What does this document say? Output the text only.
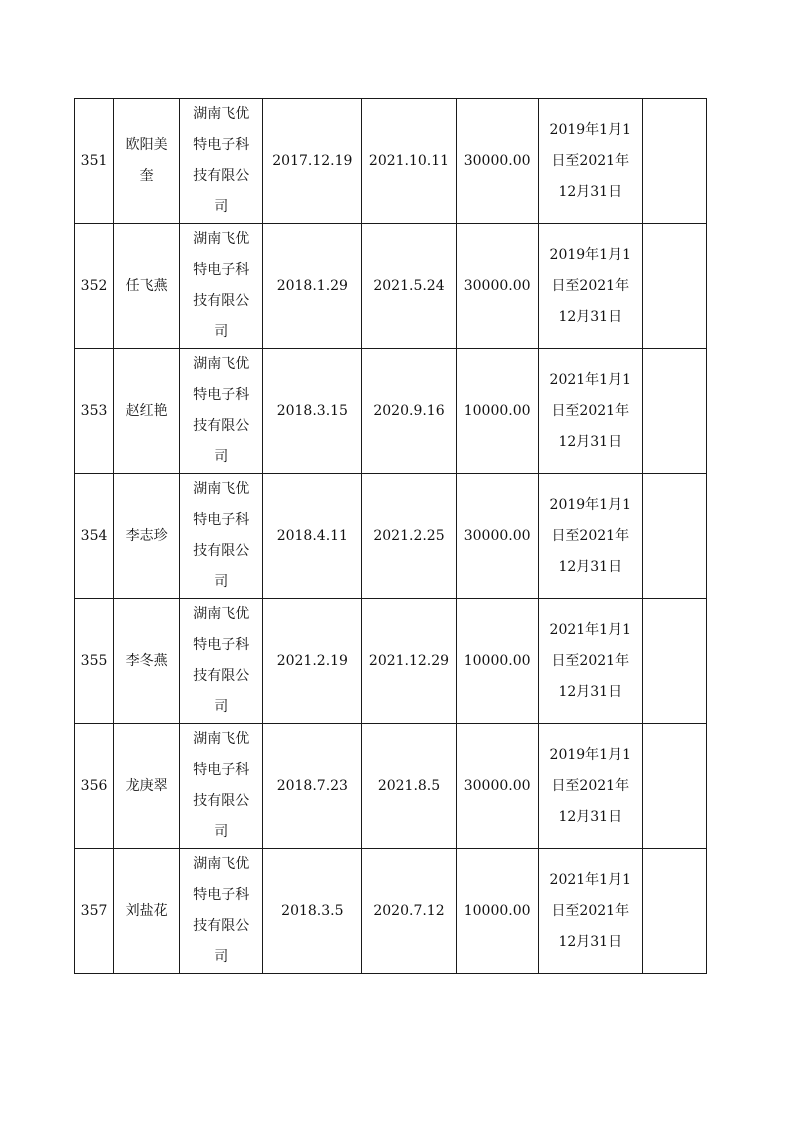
351	欧阳美
奎	湖南飞优
特电子科
技有限公
司	2017.12.19	2021.10.11	30000.00	2019年1月1
日至2021年
12月31日	

352	任飞燕	湖南飞优
特电子科
技有限公
司	2018.1.29	2021.5.24	30000.00	2019年1月1
日至2021年
12月31日	

353	赵红艳	湖南飞优
特电子科
技有限公
司	2018.3.15	2020.9.16	10000.00	2021年1月1
日至2021年
12月31日	

354	李志珍	湖南飞优
特电子科
技有限公
司	2018.4.11	2021.2.25	30000.00	2019年1月1
日至2021年
12月31日	

355	李冬燕	湖南飞优
特电子科
技有限公
司	2021.2.19	2021.12.29	10000.00	2021年1月1
日至2021年
12月31日	

356	龙庚翠	湖南飞优
特电子科
技有限公
司	2018.7.23	2021.8.5	30000.00	2019年1月1
日至2021年
12月31日	

357	刘盐花	湖南飞优
特电子科
技有限公
司	2018.3.5	2020.7.12	10000.00	2021年1月1
日至2021年
12月31日	
